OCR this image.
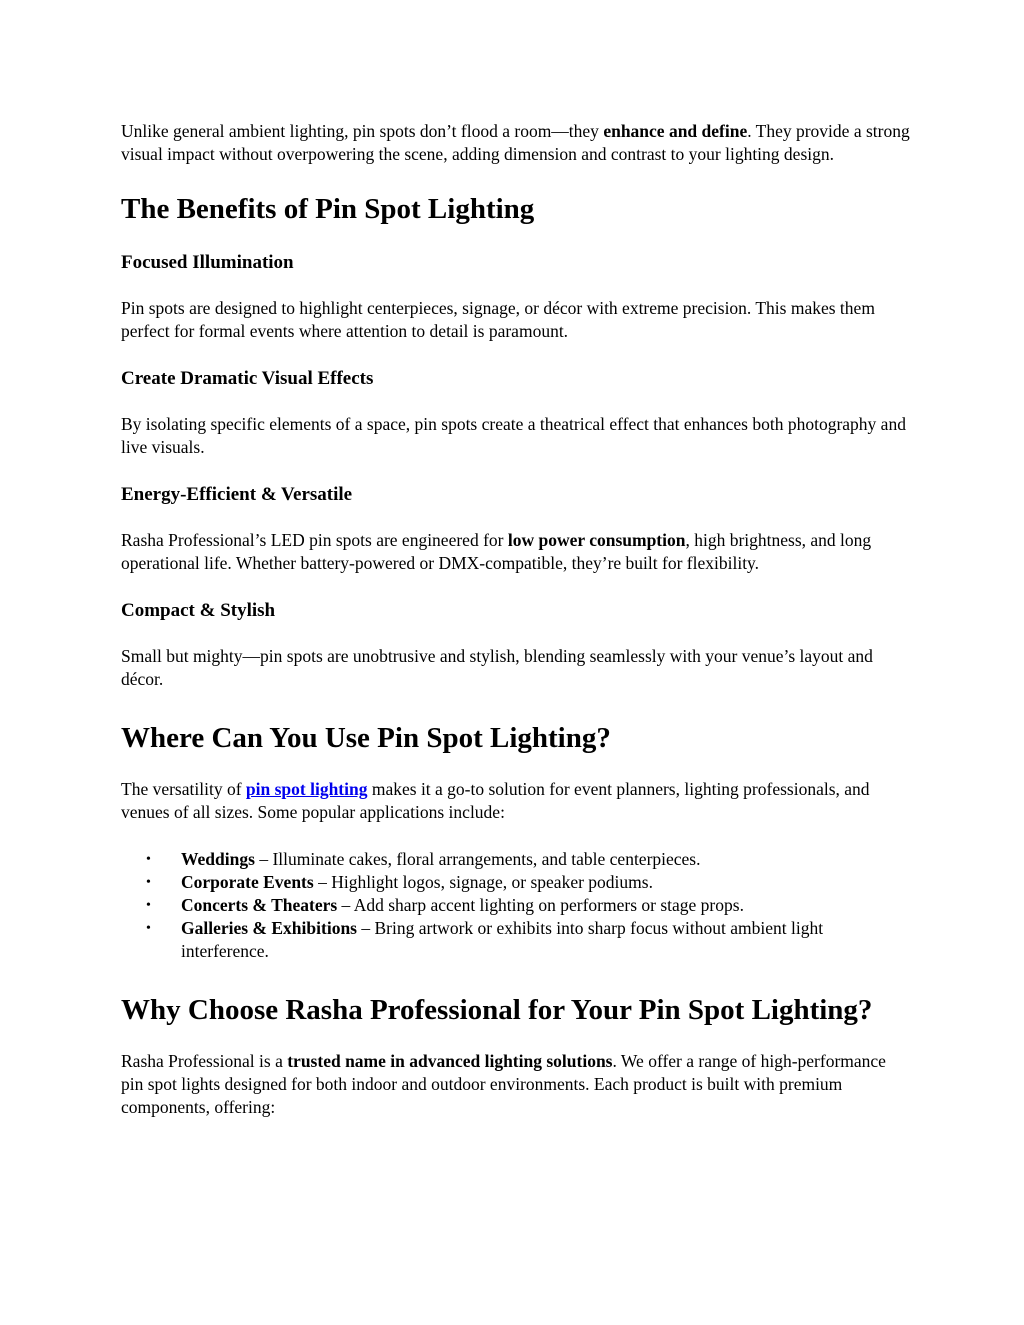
Unlike general ambient lighting, pin spots don’t flood a room—they enhance and define. They provide a strong visual impact without overpowering the scene, adding dimension and contrast to your lighting design.

The Benefits of Pin Spot Lighting
Focused Illumination

Pin spots are designed to highlight centerpieces, signage, or décor with extreme precision. This makes them perfect for formal events where attention to detail is paramount.

Create Dramatic Visual Effects

By isolating specific elements of a space, pin spots create a theatrical effect that enhances both photography and live visuals.

Energy-Efficient & Versatile

Rasha Professional’s LED pin spots are engineered for low power consumption, high brightness, and long operational life. Whether battery-powered or DMX-compatible, they’re built for flexibility.

Compact & Stylish

Small but mighty—pin spots are unobtrusive and stylish, blending seamlessly with your venue’s layout and décor.

Where Can You Use Pin Spot Lighting?

The versatility of pin spot lighting makes it a go-to solution for event planners, lighting professionals, and venues of all sizes. Some popular applications include:

• Weddings – Illuminate cakes, floral arrangements, and table centerpieces.
• Corporate Events – Highlight logos, signage, or speaker podiums.
• Concerts & Theaters – Add sharp accent lighting on performers or stage props.
• Galleries & Exhibitions – Bring artwork or exhibits into sharp focus without ambient light interference.
Why Choose Rasha Professional for Your Pin Spot Lighting?

Rasha Professional is a trusted name in advanced lighting solutions. We offer a range of high-performance pin spot lights designed for both indoor and outdoor environments. Each product is built with premium components, offering:
